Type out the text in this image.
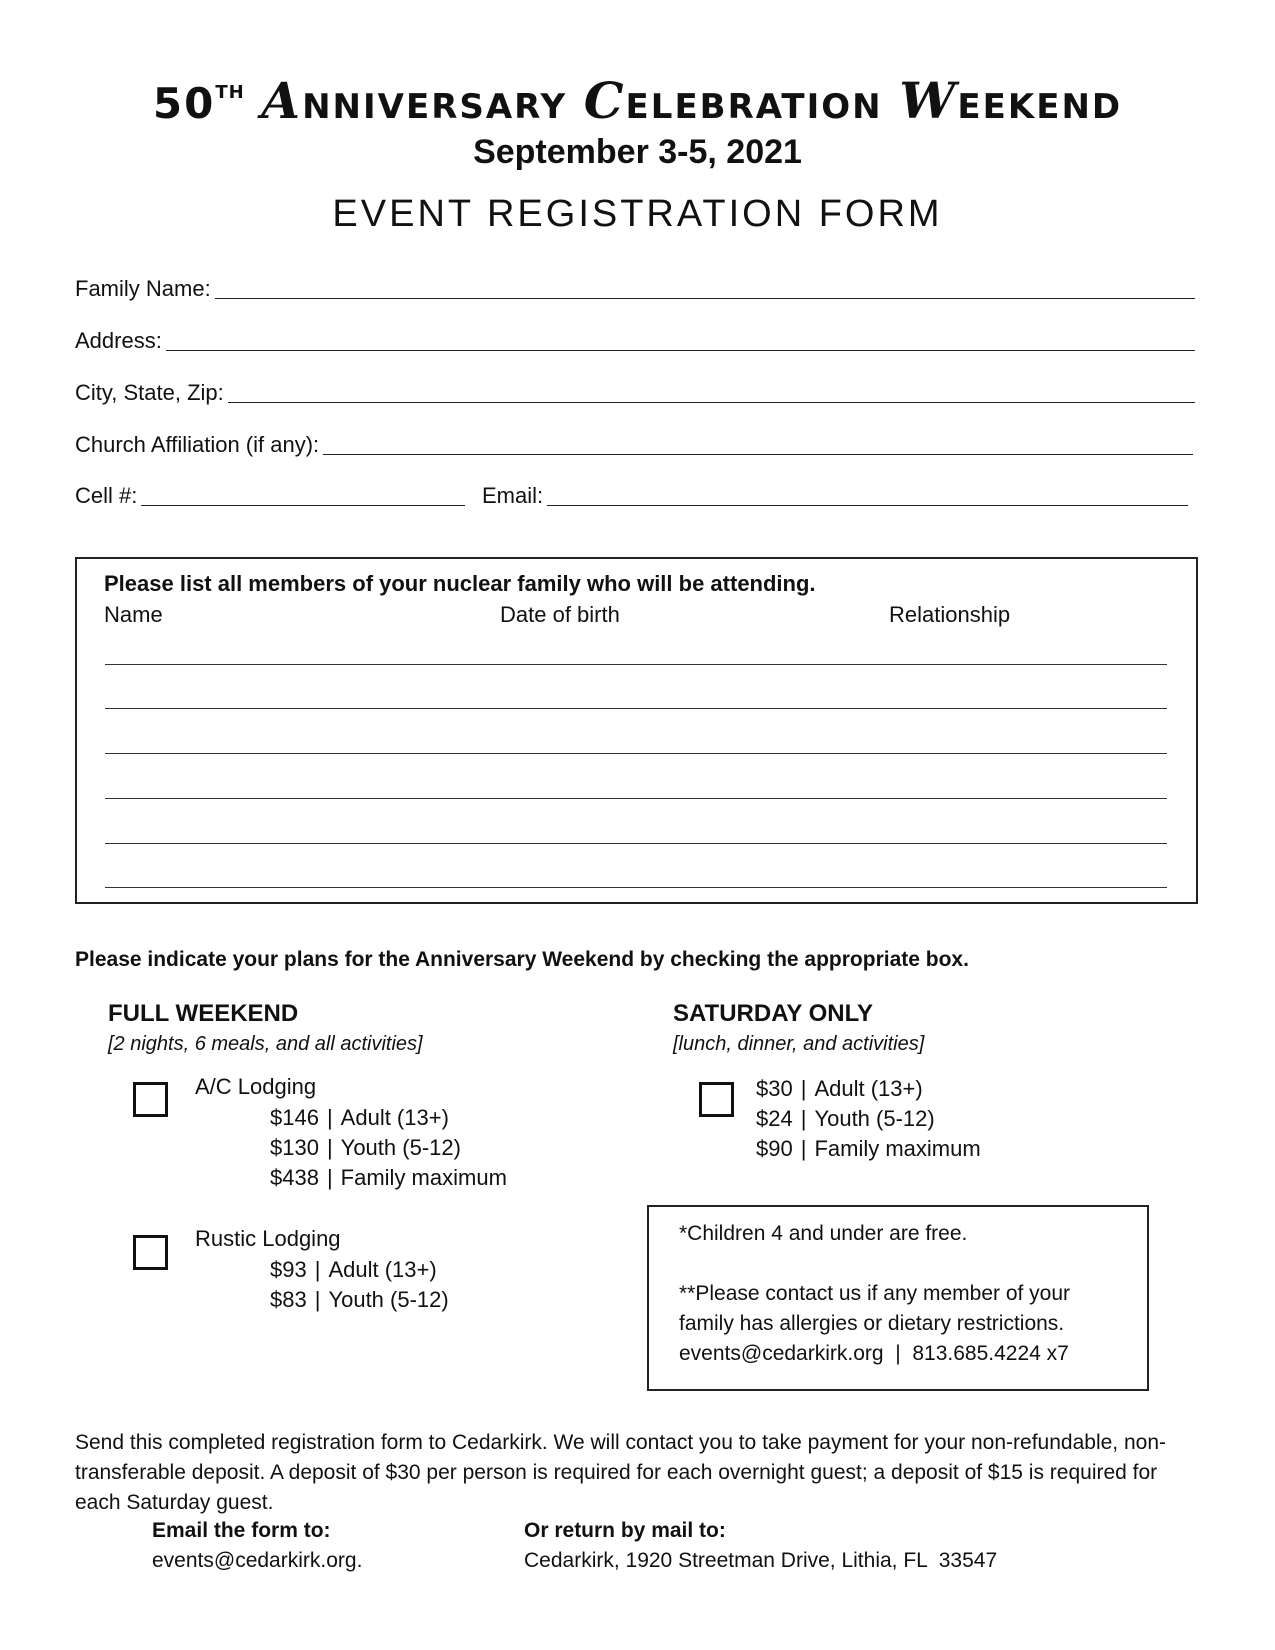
50TH ANNIVERSARY CELEBRATION WEEKEND
September 3-5, 2021
EVENT REGISTRATION FORM
Family Name:
Address:
City, State, Zip:
Church Affiliation (if any):
Cell #:	Email:
Please list all members of your nuclear family who will be attending.
Name	Date of birth	Relationship
Please indicate your plans for the Anniversary Weekend by checking the appropriate box.
FULL WEEKEND
[2 nights, 6 meals, and all activities]
A/C Lodging
$146 | Adult (13+)
$130 | Youth (5-12)
$438 | Family maximum
Rustic Lodging
$93 | Adult (13+)
$83 | Youth (5-12)
SATURDAY ONLY
[lunch, dinner, and activities]
$30 | Adult (13+)
$24 | Youth (5-12)
$90 | Family maximum
*Children 4 and under are free.
**Please contact us if any member of your
family has allergies or dietary restrictions.
events@cedarkirk.org  |  813.685.4224 x7
Send this completed registration form to Cedarkirk. We will contact you to take payment for your non-refundable, non-transferable deposit. A deposit of $30 per person is required for each overnight guest; a deposit of $15 is required for each Saturday guest.
Email the form to:
events@cedarkirk.org.
Or return by mail to:
Cedarkirk, 1920 Streetman Drive, Lithia, FL  33547
